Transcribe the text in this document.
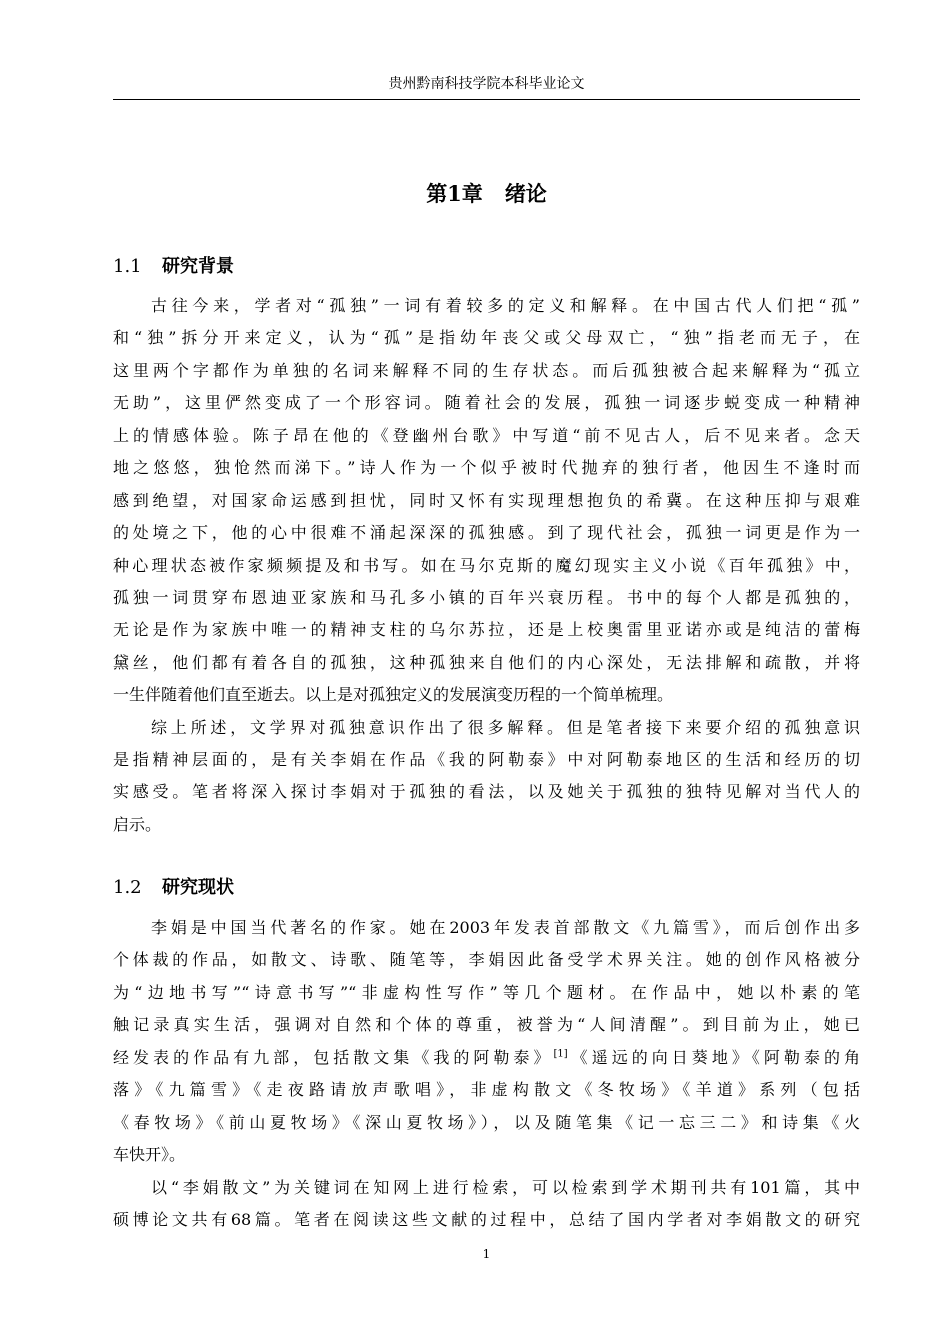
贵州黔南科技学院本科毕业论文
第1章 绪论
1.1 研究背景
古往今来，学者对“孤独”一词有着较多的定义和解释。在中国古代人们把“孤”
和“独”拆分开来定义，认为“孤”是指幼年丧父或父母双亡，“独”指老而无子，在
这里两个字都作为单独的名词来解释不同的生存状态。而后孤独被合起来解释为“孤立
无助”，这里俨然变成了一个形容词。随着社会的发展，孤独一词逐步蜕变成一种精神
上的情感体验。陈子昂在他的《登幽州台歌》中写道“前不见古人，后不见来者。念天
地之悠悠，独怆然而涕下。”诗人作为一个似乎被时代抛弃的独行者，他因生不逢时而
感到绝望，对国家命运感到担忧，同时又怀有实现理想抱负的希冀。在这种压抑与艰难
的处境之下，他的心中很难不涌起深深的孤独感。到了现代社会，孤独一词更是作为一
种心理状态被作家频频提及和书写。如在马尔克斯的魔幻现实主义小说《百年孤独》中，
孤独一词贯穿布恩迪亚家族和马孔多小镇的百年兴衰历程。书中的每个人都是孤独的，
无论是作为家族中唯一的精神支柱的乌尔苏拉，还是上校奥雷里亚诺亦或是纯洁的蕾梅
黛丝，他们都有着各自的孤独，这种孤独来自他们的内心深处，无法排解和疏散，并将
一生伴随着他们直至逝去。以上是对孤独定义的发展演变历程的一个简单梳理。
综上所述，文学界对孤独意识作出了很多解释。但是笔者接下来要介绍的孤独意识
是指精神层面的，是有关李娟在作品《我的阿勒泰》中对阿勒泰地区的生活和经历的切
实感受。笔者将深入探讨李娟对于孤独的看法，以及她关于孤独的独特见解对当代人的
启示。
1.2 研究现状
李娟是中国当代著名的作家。她在2003年发表首部散文《九篇雪》，而后创作出多
个体裁的作品，如散文、诗歌、随笔等，李娟因此备受学术界关注。她的创作风格被分
为“边地书写”“诗意书写”“非虚构性写作”等几个题材。在作品中，她以朴素的笔
触记录真实生活，强调对自然和个体的尊重，被誉为“人间清醒”。到目前为止，她已
经发表的作品有九部，包括散文集《我的阿勒泰》[1]《遥远的向日葵地》《阿勒泰的角
落》《九篇雪》《走夜路请放声歌唱》，非虚构散文《冬牧场》《羊道》系列（包括
《春牧场》《前山夏牧场》《深山夏牧场》），以及随笔集《记一忘三二》和诗集《火
车快开》。
以“李娟散文”为关键词在知网上进行检索，可以检索到学术期刊共有101篇，其中
硕博论文共有68篇。笔者在阅读这些文献的过程中，总结了国内学者对李娟散文的研究
1
